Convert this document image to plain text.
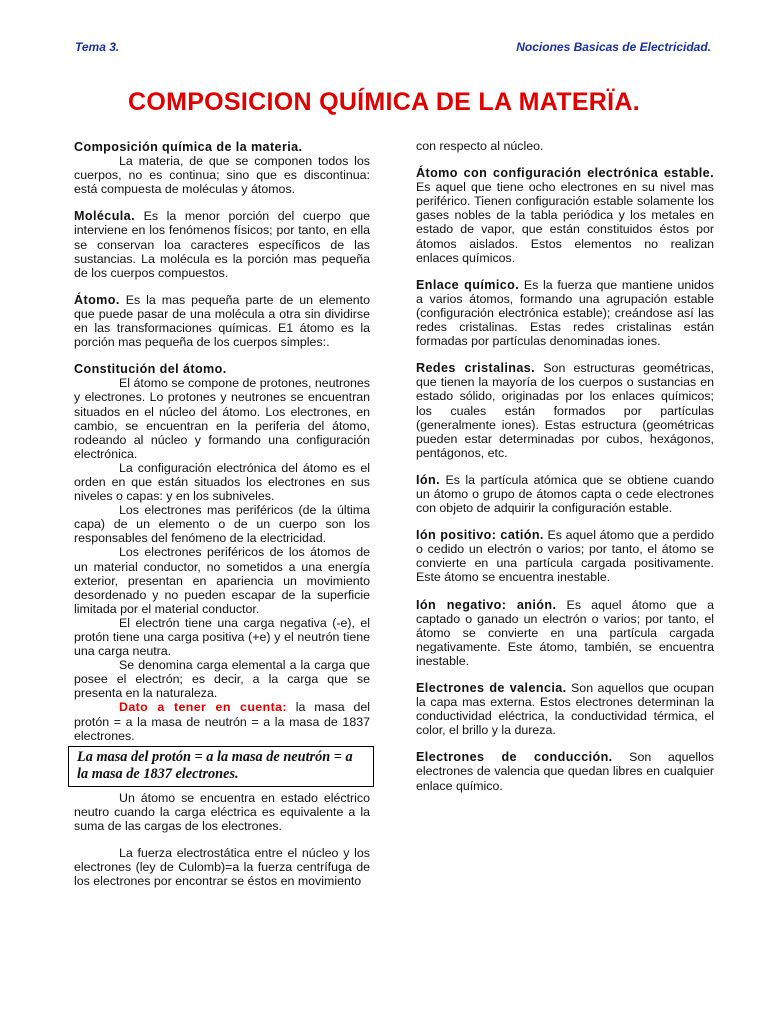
Tema 3.	Nociones Basicas de Electricidad.
COMPOSICION QUÍMICA DE LA MATERÏA.

Composición química de la materia.

La materia, de que se componen todos los cuerpos, no es continua; sino que es discontinua: está compuesta de moléculas y átomos.

Molécula. Es la menor porción del cuerpo que interviene en los fenómenos físicos; por tanto, en ella se conservan loa caracteres específicos de las sustancias. La molécula es la porción mas pequeña de los cuerpos compuestos.

Átomo. Es la mas pequeña parte de un elemento que puede pasar de una molécula a otra sin dividirse en las transformaciones químicas. E1 átomo es la porción mas pequeña de los cuerpos simples:.

Constitución del átomo.

El átomo se compone de protones, neutrones y electrones. Lo protones y neutrones se encuentran situados en el núcleo del átomo. Los electrones, en cambio, se encuentran en la periferia del átomo, rodeando al núcleo y formando una configuración electrónica.

La configuración electrónica del átomo es el orden en que están situados los electrones en sus niveles o capas: y en los subniveles.

Los electrones mas periféricos (de la última capa) de un elemento o de un cuerpo son los responsables del fenómeno de la electricidad.

Los electrones periféricos de los átomos de un material conductor, no sometidos a una energía exterior, presentan en apariencia un movimiento desordenado y no pueden escapar de la superficie limitada por el material conductor.

El electrón tiene una carga negativa (-e), el protón tiene una carga positiva (+e) y el neutrón tiene una carga neutra.

Se denomina carga elemental a la carga que posee el electrón; es decir, a la carga que se presenta en la naturaleza.

Dato a tener en cuenta: la masa del protón = a la masa de neutrón = a la masa de 1837 electrones.

La masa del protón = a la masa de neutrón = a la masa de 1837 electrones.

Un átomo se encuentra en estado eléctrico neutro cuando la carga eléctrica es equivalente a la suma de las cargas de los electrones.

La fuerza electrostática entre el núcleo y los electrones (ley de Culomb)=a la fuerza centrífuga de los electrones por encontrar se éstos en movimiento

con respecto al núcleo.

Átomo con configuración electrónica estable. Es aquel que tiene ocho electrones en su nivel mas periférico. Tienen configuración estable solamente los gases nobles de la tabla periódica y los metales en estado de vapor, que están constituidos éstos por átomos aislados. Estos elementos no realizan enlaces químicos.

Enlace químico. Es la fuerza que mantiene unidos a varios átomos, formando una agrupación estable (configuración electrónica estable); creándose así las redes cristalinas. Estas redes cristalinas están formadas por partículas denominadas iones.

Redes cristalinas. Son estructuras geométricas, que tienen la mayoría de los cuerpos o sustancias en estado sólido, originadas por los enlaces químicos; los cuales están formados por partículas (generalmente iones). Estas estructura (geométricas pueden estar determinadas por cubos, hexágonos, pentágonos, etc.

Ión. Es la partícula atómica que se obtiene cuando un átomo o grupo de átomos capta o cede electrones con objeto de adquirir la configuración estable.

Ión positivo: catión. Es aquel átomo que a perdido o cedido un electrón o varios; por tanto, el átomo se convierte en una partícula cargada positivamente. Este átomo se encuentra inestable.

Ión negativo: anión. Es aquel átomo que a captado o ganado un electrón o varios; por tanto, el átomo se convierte en una partícula cargada negativamente. Este átomo, también, se encuentra inestable.

Electrones de valencia. Son aquellos que ocupan la capa mas externa. Estos electrones determinan la conductividad eléctrica, la conductividad térmica, el color, el brillo y la dureza.

Electrones de conducción. Son aquellos electrones de valencia que quedan libres en cualquier enlace químico.
